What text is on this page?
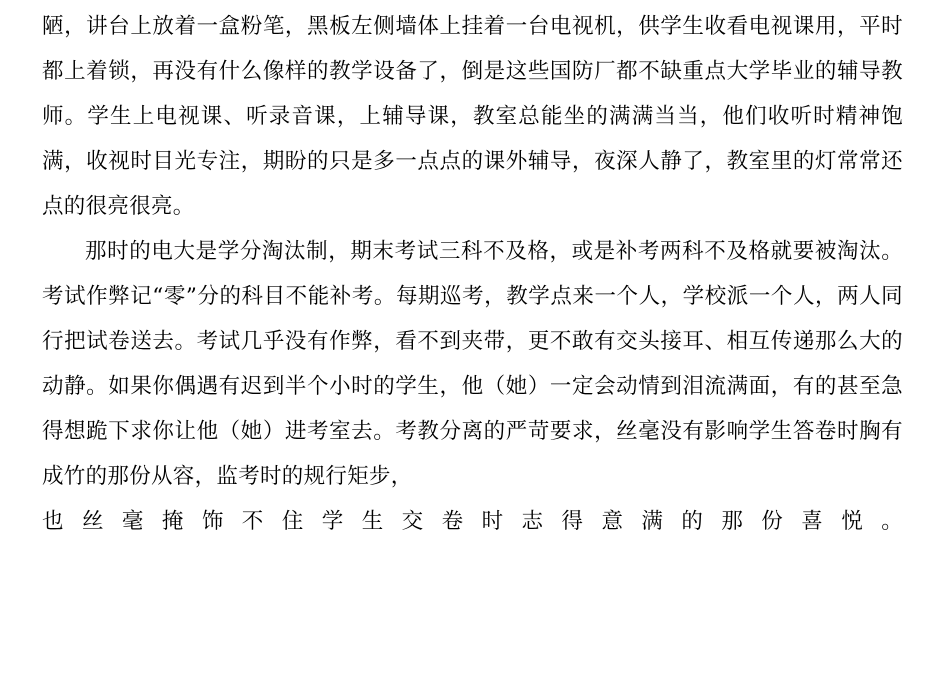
陋，讲台上放着一盒粉笔，黑板左侧墙体上挂着一台电视机，供学生收看电视课用，平时都上着锁，再没有什么像样的教学设备了，倒是这些国防厂都不缺重点大学毕业的辅导教师。学生上电视课、听录音课，上辅导课，教室总能坐的满满当当，他们收听时精神饱满，收视时目光专注，期盼的只是多一点点的课外辅导，夜深人静了，教室里的灯常常还点的很亮很亮。

那时的电大是学分淘汰制，期末考试三科不及格，或是补考两科不及格就要被淘汰。考试作弊记“零”分的科目不能补考。每期巡考，教学点来一个人，学校派一个人，两人同行把试卷送去。考试几乎没有作弊，看不到夹带，更不敢有交头接耳、相互传递那么大的动静。如果你偶遇有迟到半个小时的学生，他（她）一定会动情到泪流满面，有的甚至急得想跪下求你让他（她）进考室去。考教分离的严苛要求，丝毫没有影响学生答卷时胸有成竹的那份从容，监考时的规行矩步，

也丝毫掩饰不住学生交卷时志得意满的那份喜悦。
